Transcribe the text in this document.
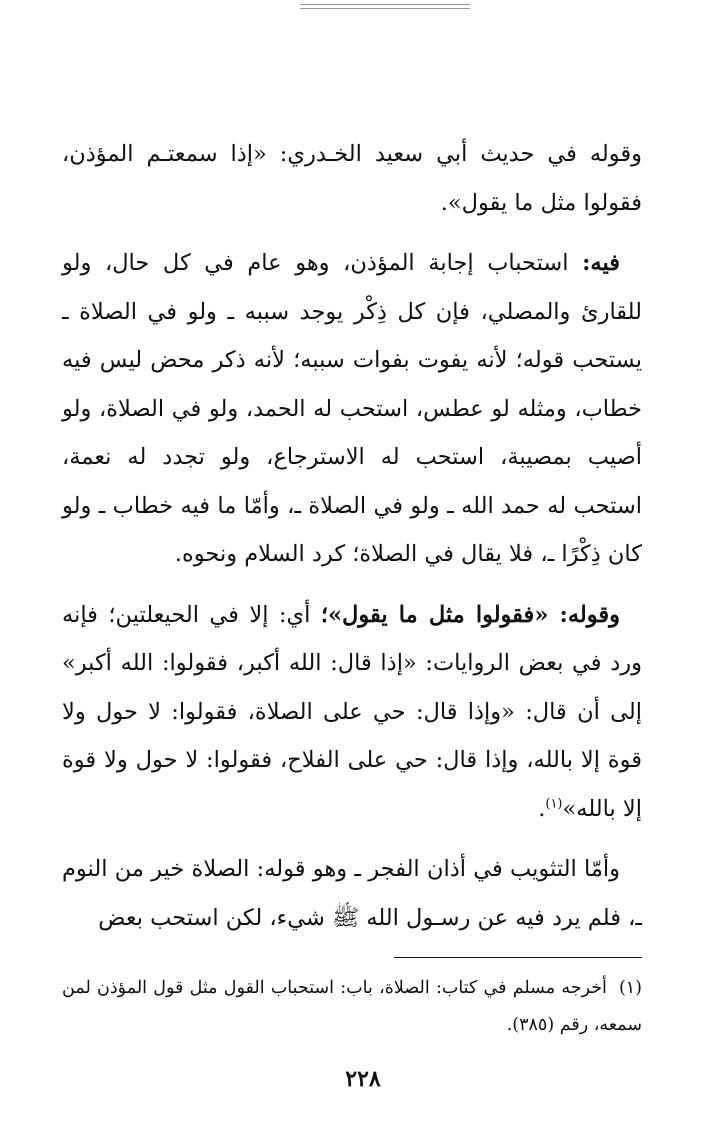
وقوله في حديث أبي سعيد الخـدري: «إذا سمعتـم المؤذن، فقولوا مثل ما يقول».

فيه: استحباب إجابة المؤذن، وهو عام في كل حال، ولو للقارئ والمصلي، فإن كل ذِكْر يوجد سببه ـ ولو في الصلاة ـ يستحب قوله؛ لأنه يفوت بفوات سببه؛ لأنه ذكر محض ليس فيه خطاب، ومثله لو عطس، استحب له الحمد، ولو في الصلاة، ولو أصيب بمصيبة، استحب له الاسترجاع، ولو تجدد له نعمة، استحب له حمد الله ـ ولو في الصلاة ـ، وأمّا ما فيه خطاب ـ ولو كان ذِكْرًا ـ، فلا يقال في الصلاة؛ كرد السلام ونحوه.

وقوله: «فقولوا مثل ما يقول»؛ أي: إلا في الحيعلتين؛ فإنه ورد في بعض الروايات: «إذا قال: الله أكبر، فقولوا: الله أكبر» إلى أن قال: «وإذا قال: حي على الصلاة، فقولوا: لا حول ولا قوة إلا بالله، وإذا قال: حي على الفلاح، فقولوا: لا حول ولا قوة إلا بالله»$^{(١)}$.

وأمّا التثويب في أذان الفجر ـ وهو قوله: الصلاة خير من النوم ـ، فلم يرد فيه عن رسـول الله ﷺ شيء، لكن استحب بعض

(١)أخرجه مسلم في كتاب: الصلاة، باب: استحباب القول مثل قول المؤذن لمن سمعه، رقم (٣٨٥).

٢٢٨
